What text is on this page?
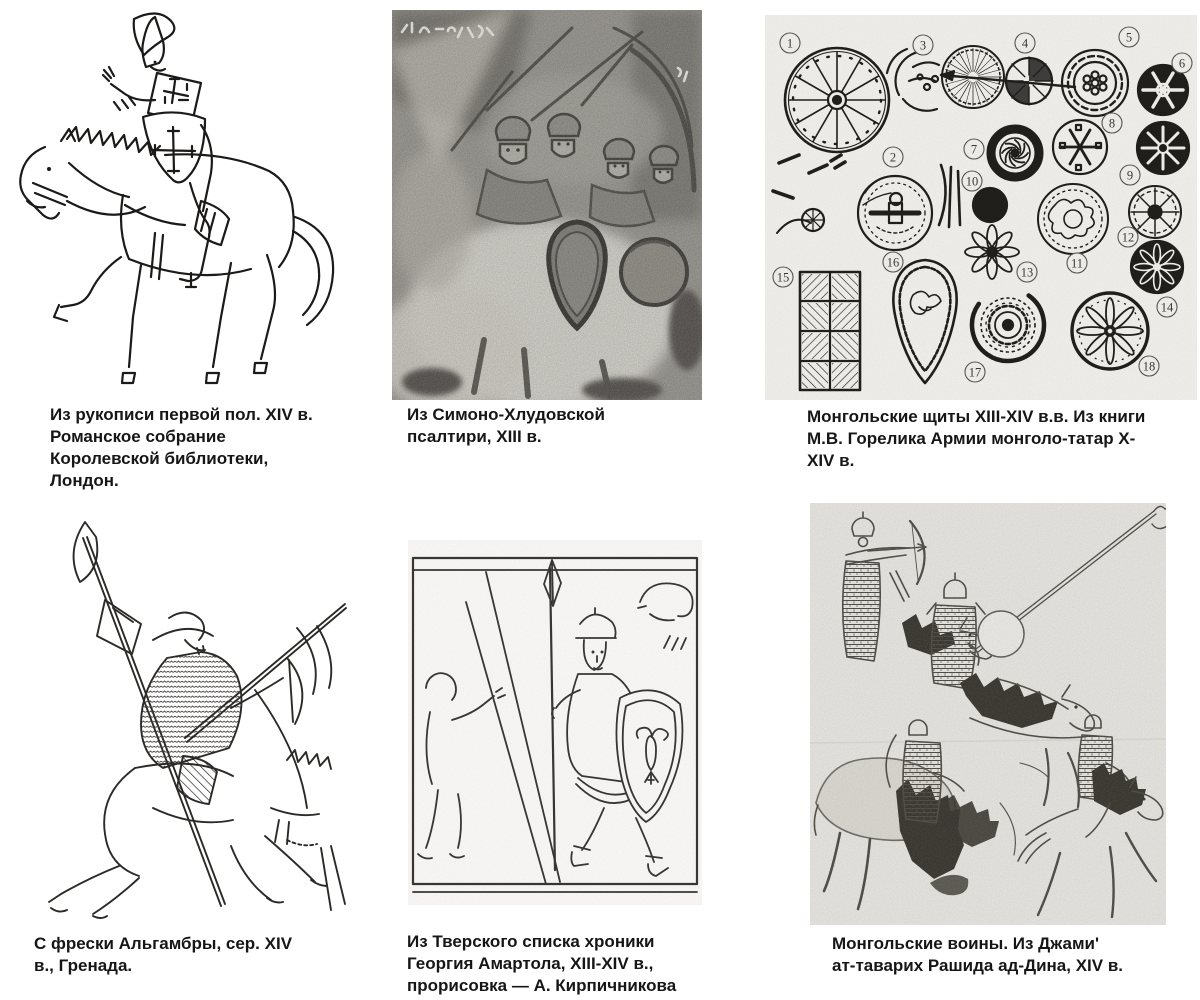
1
2
3	4	5
6
7
8
9
10
11
12
13
14
15
16
17	18
Из рукописи первой пол. XIV в.
Романское собрание
Королевской библиотеки,
Лондон.
Из Симоно-Хлудовской
псалтири, XIII в.
Монгольские щиты XIII-XIV в.в. Из книги
М.В. Горелика Армии монголо-татар X-
XIV в.
С фрески Альгамбры, сер. XIV
в., Гренада.
Из Тверского списка хроники
Георгия Амартола, XIII-XIV в.,
прорисовка — А. Кирпичникова
Монгольские воины. Из Джами'
ат-таварих Рашида ад-Дина, XIV в.
